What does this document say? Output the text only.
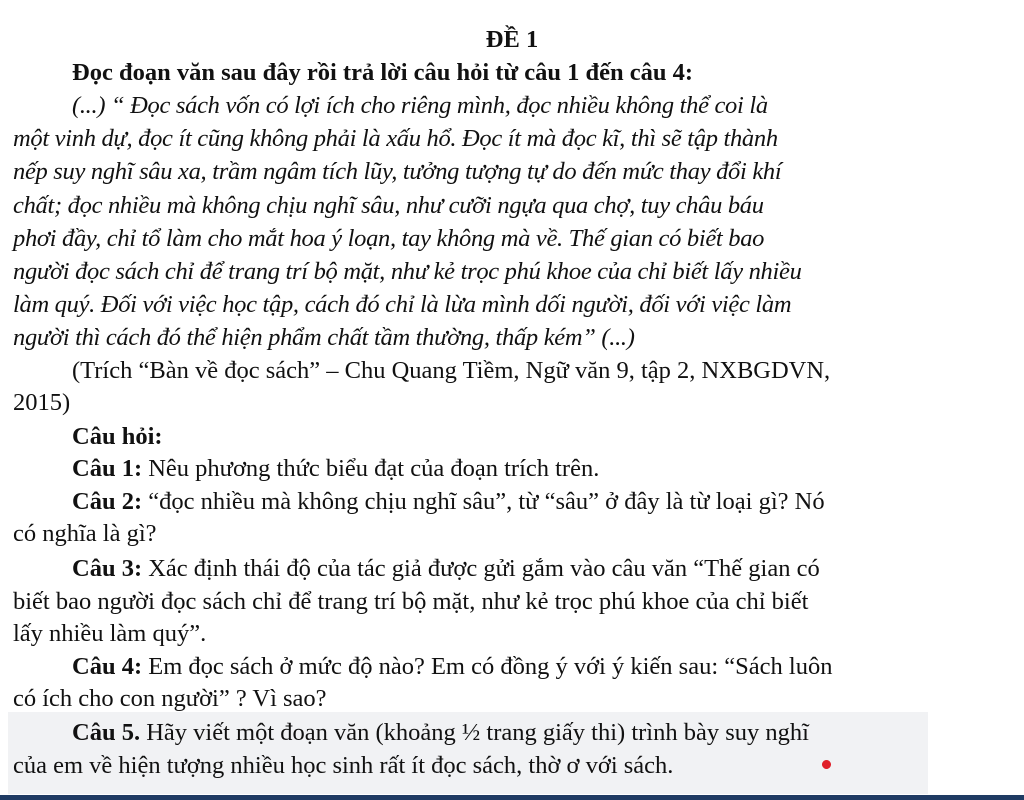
ĐỀ 1
Đọc đoạn văn sau đây rồi trả lời câu hỏi từ câu 1 đến câu 4:
(...) “ Đọc sách vốn có lợi ích cho riêng mình, đọc nhiều không thể coi là
một vinh dự, đọc ít cũng không phải là xấu hổ. Đọc ít mà đọc kĩ, thì sẽ tập thành
nếp suy nghĩ sâu xa, trầm ngâm tích lũy, tưởng tượng tự do đến mức thay đổi khí
chất; đọc nhiều mà không chịu nghĩ sâu, như cưỡi ngựa qua chợ, tuy châu báu
phơi đầy, chỉ tổ làm cho mắt hoa ý loạn, tay không mà về. Thế gian có biết bao
người đọc sách chỉ để trang trí bộ mặt, như kẻ trọc phú khoe của chỉ biết lấy nhiều
làm quý. Đối với việc học tập, cách đó chỉ là lừa mình dối người, đối với việc làm
người thì cách đó thể hiện phẩm chất tầm thường, thấp kém” (...)
(Trích “Bàn về đọc sách” – Chu Quang Tiềm, Ngữ văn 9, tập 2, NXBGDVN,
2015)
Câu hỏi:
Câu 1: Nêu phương thức biểu đạt của đoạn trích trên.
Câu 2: “đọc nhiều mà không chịu nghĩ sâu”, từ “sâu” ở đây là từ loại gì? Nó
có nghĩa là gì?
Câu 3: Xác định thái độ của tác giả được gửi gắm vào câu văn “Thế gian có
biết bao người đọc sách chỉ để trang trí bộ mặt, như kẻ trọc phú khoe của chỉ biết
lấy nhiều làm quý”.
Câu 4: Em đọc sách ở mức độ nào? Em có đồng ý với ý kiến sau: “Sách luôn
có ích cho con người” ? Vì sao?
Câu 5. Hãy viết một đoạn văn (khoảng ½ trang giấy thi) trình bày suy nghĩ
của em về hiện tượng nhiều học sinh rất ít đọc sách, thờ ơ với sách.
